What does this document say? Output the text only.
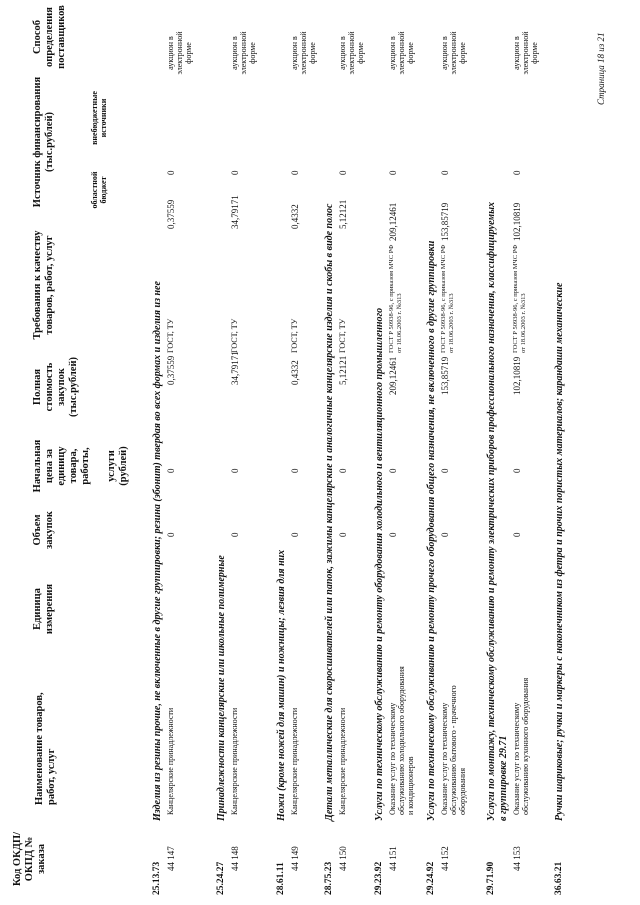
Код ОКДП/ ОКПД № заказа
Наименование товаров, работ, услуг
Единица измерения
Объем закупок
Начальная цена за единицу товара, работы, услуги (рублей)
Полная стоимость закупок (тыс.рублей)
Требования к качеству товаров, работ, услуг
Источник финансирования (тыс.рублей)
областной бюджет
внебюджетные источники
Способ определения поставщиков
25.13.73
Изделия из резины прочие, не включенные в другие группировки; резина (эбонит) твердая во всех формах и изделия из нее
44 147
Канцелярские принадлежности
0
0
0,37559
ГОСТ, ТУ
0,37559
0
аукцион в электронной форме
25.24.27
Принадлежности канцелярские или школьные полимерные
44 148
Канцелярские принадлежности
0
0
34,79171
ГОСТ, ТУ
34,79171
0
аукцион в электронной форме
28.61.11
Ножи (кроме ножей для машин) и ножницы; лезвия для них
44 149
Канцелярские принадлежности
0
0
0,4332
ГОСТ, ТУ
0,4332
0
аукцион в электронной форме
28.75.23
Детали металлические для скоросшивателей или папок, зажимы канцелярские и аналогичные канцелярские изделия и скобы в виде полос
44 150
Канцелярские принадлежности
0
0
5,12121
ГОСТ, ТУ
5,12121
0
аукцион в электронной форме
29.23.92
Услуги по техническому обслуживанию и ремонту оборудования холодильного и вентиляционного промышленного
44 151
Оказание услуг по техническому обслуживанию холодильного оборудования и кондиционеров
0
0
209,12461
ГОСТ Р 50938-96, с приказом МЧС РФ от 18.06.2003 г. №313
209,12461
0
аукцион в электронной форме
29.24.92
Услуги по техническому обслуживанию и ремонту прочего оборудования общего назначения, не включенного в другие группировки
44 152
Оказание услуг по техническому обслуживанию бытового - прачечного оборудования
0
0
153,85719
ГОСТ Р 50938-96, с приказом МЧС РФ от 18.06.2003 г. №313
153,85719
0
аукцион в электронной форме
29.71.90
Услуги по монтажу, техническому обслуживанию и ремонту электрических приборов профессионального назначения, классифицируемых в группировке 29.71
44 153
Оказание услуг по техническому обслуживанию кухонного оборудования
0
0
102,10819
ГОСТ Р 50938-96, с приказом МЧС РФ от 18.06.2003 г. №313
102,10819
0
аукцион в электронной форме
36.63.21
Ручки шариковые; ручки и маркеры с наконечником из фетра и прочих пористых материалов; карандаши механические
Страница 18 из 21
